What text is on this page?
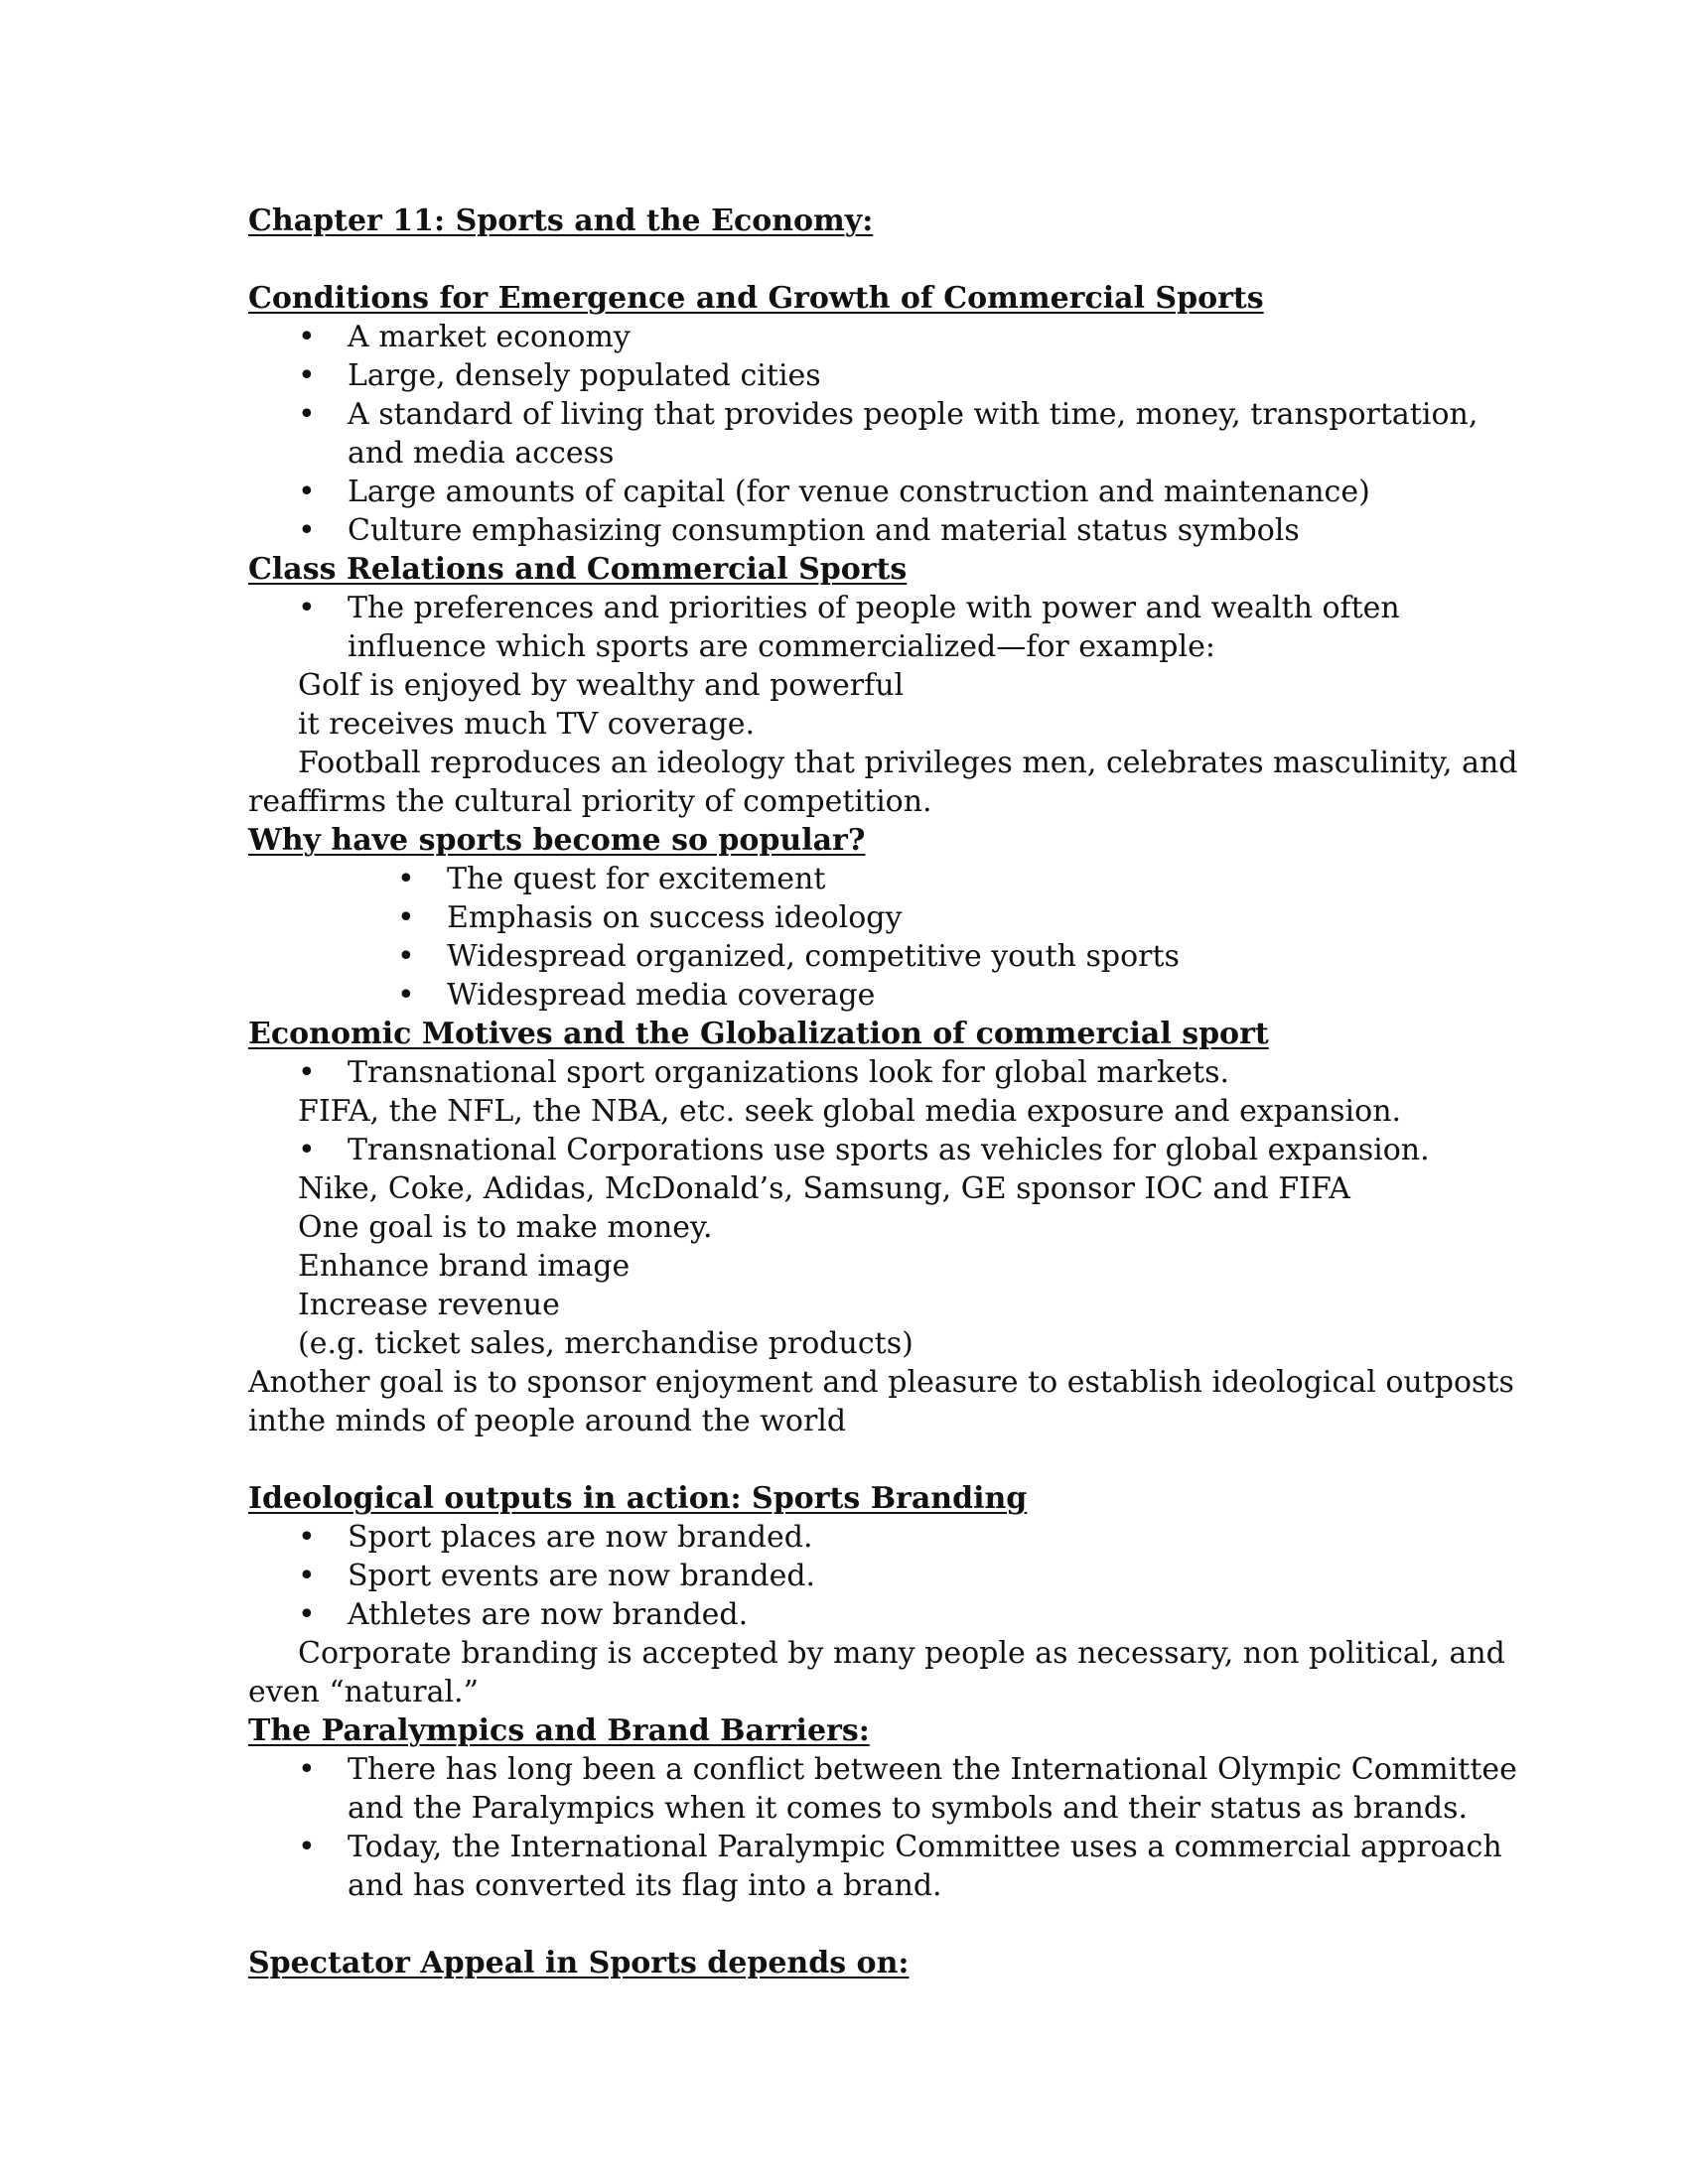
Chapter 11: Sports and the Economy:
Conditions for Emergence and Growth of Commercial Sports
• A market economy
• Large, densely populated cities
• A standard of living that provides people with time, money, transportation,
and media access
• Large amounts of capital (for venue construction and maintenance)
• Culture emphasizing consumption and material status symbols
Class Relations and Commercial Sports
• The preferences and priorities of people with power and wealth often
influence which sports are commercialized—for example:
Golf is enjoyed by wealthy and powerful
it receives much TV coverage.
Football reproduces an ideology that privileges men, celebrates masculinity, and
reaffirms the cultural priority of competition.
Why have sports become so popular?
• The quest for excitement
• Emphasis on success ideology
• Widespread organized, competitive youth sports
• Widespread media coverage
Economic Motives and the Globalization of commercial sport
• Transnational sport organizations look for global markets.
FIFA, the NFL, the NBA, etc. seek global media exposure and expansion.
• Transnational Corporations use sports as vehicles for global expansion.
Nike, Coke, Adidas, McDonald’s, Samsung, GE sponsor IOC and FIFA
One goal is to make money.
Enhance brand image
Increase revenue
(e.g. ticket sales, merchandise products)
Another goal is to sponsor enjoyment and pleasure to establish ideological outposts
inthe minds of people around the world
Ideological outputs in action: Sports Branding
• Sport places are now branded.
• Sport events are now branded.
• Athletes are now branded.
Corporate branding is accepted by many people as necessary, non political, and
even “natural.”
The Paralympics and Brand Barriers:
• There has long been a conflict between the International Olympic Committee
and the Paralympics when it comes to symbols and their status as brands.
• Today, the International Paralympic Committee uses a commercial approach
and has converted its flag into a brand.
Spectator Appeal in Sports depends on:
